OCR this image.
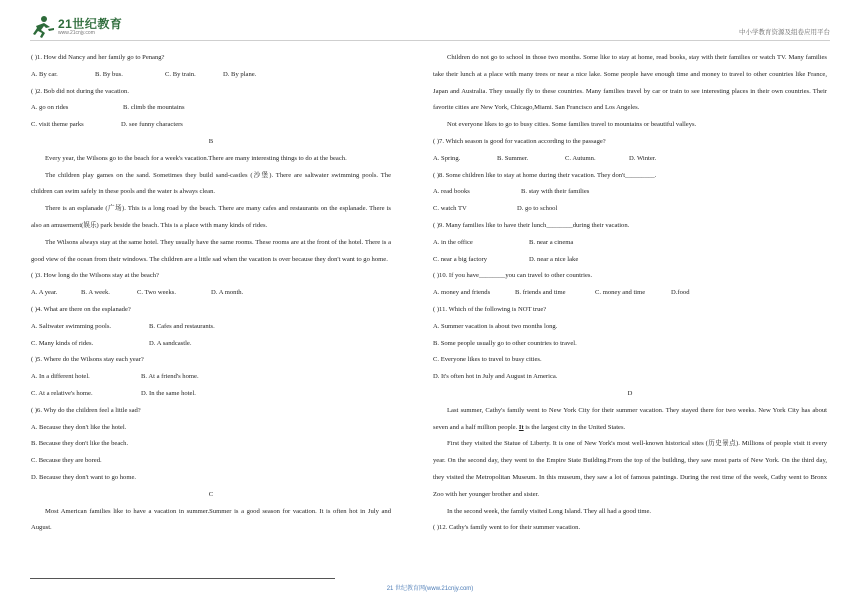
21世纪教育
www.21cnjy.com	中小学教育资源及组卷应用平台

( )1. How did Nancy and her family go to Penang?

A. By car.	B. By bus.	C. By train.	D. By plane.

( )2. Bob did not during the vacation.

A. go on rides	B. climb the mountains

C. visit theme parks	D. see funny characters

B

Every year, the Wilsons go to the beach for a week's vacation.There are many interesting things to do at the beach.

The children play games on the sand. Sometimes they build sand-castles (沙堡). There are saltwater swimming pools. The children can swim safely in these pools and the water is always clean.

There is an esplanade (广场). This is a long road by the beach. There are many cafes and restaurants on the esplanade. There is also an amusement(娱乐) park beside the beach. This is a place with many kinds of rides.

The Wilsons always stay at the same hotel. They usually have the same rooms. These rooms are at the front of the hotel. There is a good view of the ocean from their windows. The children are a little sad when the vacation is over because they don't want to go home.

( )3. How long do the Wilsons stay at the beach?

A. A year.	B. A week.	C. Two weeks.	D. A month.

( )4. What are there on the esplanade?

A. Saltwater swimming pools.	B. Cafes and restaurants.

C. Many kinds of rides.	D. A sandcastle.

( )5. Where do the Wilsons stay each year?

A. In a different hotel.	B. At a friend's home.

C. At a relative's home.	D. In the same hotel.

( )6. Why do the children feel a little sad?

A. Because they don't like the hotel.

B. Because they don't like the beach.

C. Because they are bored.

D. Because they don't want to go home.

C

Most American families like to have a vacation in summer.Summer is a good season for vacation. It is often hot in July and August.

Children do not go to school in those two months. Some like to stay at home, read books, stay with their families or watch TV. Many families take their lunch at a place with many trees or near a nice lake. Some people have enough time and money to travel to other countries like France, Japan and Australia. They usually fly to these countries. Many families travel by car or train to see interesting places in their own countries. Their favorite cities are New York, Chicago,Miami. San Francisco and Los Angeles.

Not everyone likes to go to busy cities. Some families travel to mountains or beautiful valleys.

( )7. Which season is good for vacation according to the passage?

A. Spring.	B. Summer.	C. Autumn.	D. Winter.

( )8. Some children like to stay at home during their vacation. They don't_________.

A. read books	B. stay with their families

C. watch TV	D. go to school

( )9. Many families like to have their lunch________during their vacation.

A. in the office	B. near a cinema

C. near a big factory	D. near a nice lake

( )10. If you have________you can travel to other countries.

A. money and friends	B. friends and time	C. money and time	D.food

( )11. Which of the following is NOT true?

A. Summer vacation is about two months long.

B. Some people usually go to other countries to travel.

C. Everyone likes to travel to busy cities.

D. It's often hot in July and August in America.

D

Last summer, Cathy's family went to New York City for their summer vacation. They stayed there for two weeks. New York City has about seven and a half million people. It is the largest city in the United States.

First they visited the Statue of Liberty. It is one of New York's most well-known historical sites (历史景点). Millions of people visit it every year. On the second day, they went to the Empire State Building.From the top of the building, they saw most parts of New York. On the third day, they visited the Metropolitan Museum. In this museum, they saw a lot of famous paintings. During the rest time of the week, Cathy went to Bronx Zoo with her younger brother and sister.

In the second week, the family visited Long Island. They all had a good time.

( )12. Cathy's family went to for their summer vacation.

21 世纪教育网(www.21cnjy.com)
